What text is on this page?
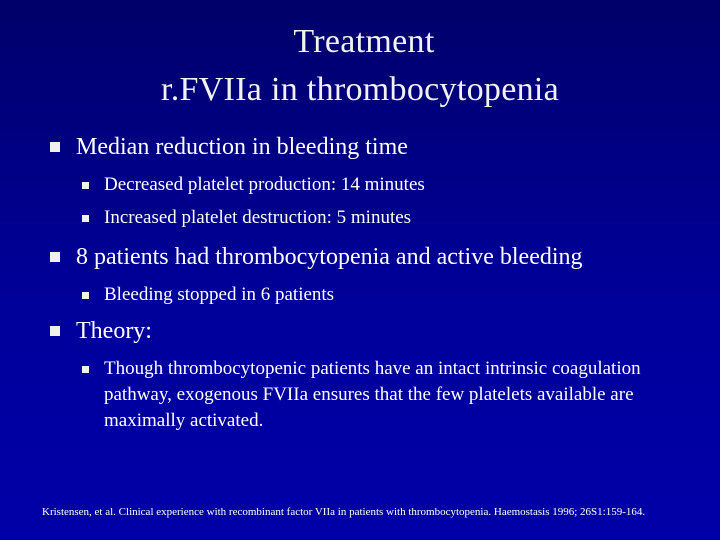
Treatment
r.FVIIa in thrombocytopenia
Median reduction in bleeding time
Decreased platelet production: 14 minutes
Increased platelet destruction: 5 minutes
8 patients had thrombocytopenia and active bleeding
Bleeding stopped in 6 patients
Theory:
Though thrombocytopenic patients have an intact intrinsic coagulation pathway, exogenous FVIIa ensures that the few platelets available are maximally activated.
Kristensen, et al. Clinical experience with recombinant factor VIIa in patients with thrombocytopenia. Haemostasis 1996; 26S1:159-164.
